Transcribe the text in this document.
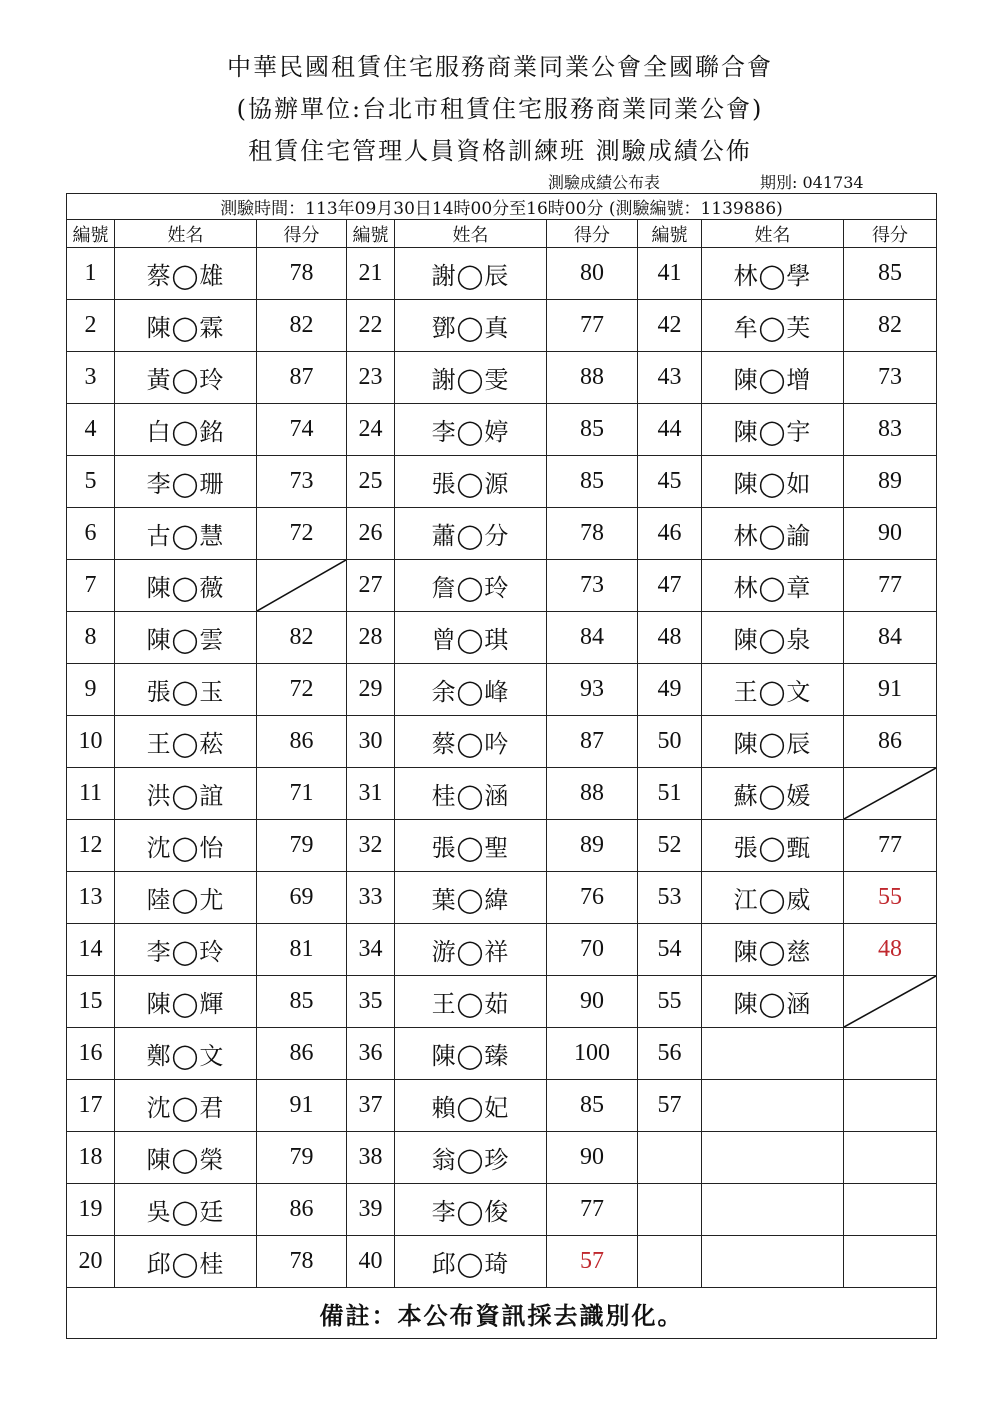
中華民國租賃住宅服務商業同業公會全國聯合會
(協辦單位:台北市租賃住宅服務商業同業公會)
租賃住宅管理人員資格訓練班 測驗成績公佈
測驗成績公布表	期別: 041734
測驗時間：113年09月30日14時00分至16時00分 (測驗編號：1139886)								
編號	姓名	得分	編號	姓名	得分	編號	姓名	得分
1	蔡◯雄	78	21	謝◯辰	80	41	林◯學	85
2	陳◯霖	82	22	鄧◯真	77	42	牟◯芙	82
3	黃◯玲	87	23	謝◯雯	88	43	陳◯增	73
4	白◯銘	74	24	李◯婷	85	44	陳◯宇	83
5	李◯珊	73	25	張◯源	85	45	陳◯如	89
6	古◯慧	72	26	蕭◯分	78	46	林◯諭	90
7	陳◯薇		27	詹◯玲	73	47	林◯章	77
8	陳◯雲	82	28	曾◯琪	84	48	陳◯泉	84
9	張◯玉	72	29	余◯峰	93	49	王◯文	91
10	王◯菘	86	30	蔡◯吟	87	50	陳◯辰	86
11	洪◯誼	71	31	桂◯涵	88	51	蘇◯媛	

12	沈◯怡	79	32	張◯聖	89	52	張◯甄	77
13	陸◯尤	69	33	葉◯緯	76	53	江◯威	55
14	李◯玲	81	34	游◯祥	70	54	陳◯慈	48
15	陳◯輝	85	35	王◯茹	90	55	陳◯涵	

16	鄭◯文	86	36	陳◯臻	100	56		
17	沈◯君	91	37	賴◯妃	85	57		
18	陳◯榮	79	38	翁◯珍	90			
19	吳◯廷	86	39	李◯俊	77			
20	邱◯桂	78	40	邱◯琦	57			
備註：本公布資訊採去識別化。								
